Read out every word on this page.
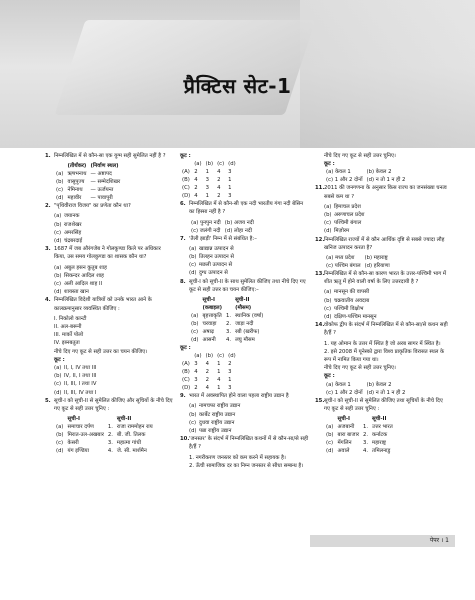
प्रैक्टिस सेट-1
1. निम्नलिखित में से कौन-सा एक युग्म सही सुमेलित नहीं है ?
	(तीर्थंकर)	(निर्वाण स्थल)
(a)	ऋषभनाथ	— अष्टापद
(b)	वासुपूज्य	— सम्मेदशिखर
(c)	नेमिनाथ	— ऊर्जयन्त
(d)	महावीर	— पावापुरी
2. "पृथिवीराज विजय" का प्रणेता कौन था?
(a) जयानक
(b) राजशेखर
(c) अमरसिंह
(d) चंद्रबरदाई
3. 1687 में जब औरंगजेब ने गोलकुण्डा किले पर अधिकार किया, उस समय गोलकुण्डा का शासक कौन था?
(a) अबुल हसन कुतुब शाह
(b) सिकन्दर आदिल शाह
(c) अली आदिल शाह II
(d) शायस्ता खान
4. निम्नलिखित विदेशी यात्रियों को उनके भारत आने के कालक्रमानुसार व्यवस्थित कीजिए :
I. निकोलो कान्टी
II. अल-बरूनी
III. मार्को पोलो
IV. इब्नबतूता
नीचे दिए गए कूट से सही उत्तर का चयन कीजिए।
कूट :
(a) II, I, IV तथा III
(b) IV, II, I तथा III
(c) II, III, I तथा IV
(d) II, III, IV तथा I
5. सूची-I को सूची-II से सुमेलित कीजिए और सूचियों के नीचे दिए गए कूट से सही उत्तर चुनिए :
	सूची-I		सूची-II
(a)	समाचार दर्पण	1.	राजा राममोहन राय
(b)	मिरात-उल-अखबार	2.	बी. जी. तिलक
(c)	केसरी	3.	महात्मा गांधी
(d)	यंग इण्डिया	4.	जे. सी. मार्शमैन
कूट :
	(a)	(b)	(c)	(d)
(A)	2	1	4	3
(B)	4	3	2	1
(C)	2	3	4	1
(D)	4	1	2	3
6. निम्नलिखित में से कौन-सी एक नदी भारतीय गंगा नदी बेसिन का हिस्सा नहीं है ?
(a) पुनपुन नदी	(b) अजय नदी
(c) जलंगी नदी	(d) लोहा नदी
7. 'तैली झाड़ी' निम्न में से संबंधित है:–
(a) खाद्यान्न उत्पादन से
(b) तिलहन उत्पादन से
(c) मछली उत्पादन से
(d) दुग्ध उत्पादन से
8. सूची-I को सूची-II के साथ सुमेलित कीजिए तथा नीचे दिए गए कूट से सही उत्तर का चयन कीजिए:–
	सूची-I		सूची-II
	(कबाइल)		(मौसम)
(a)	बृहत्ताकृति	1.	स्थानिक (वर्षा)
(b)	चरवाहा	2.	जाड़ा नदी
(c)	अषाढ़	3.	रबी (खरीफ)
(d)	आसनी	4.	लघु मौसम
कूट :
	(a)	(b)	(c)	(d)
(A)	3	4	1	2
(B)	4	2	1	3
(C)	3	2	4	1
(D)	2	4	1	3
9. भारत में अवस्थापित होने वाला पहला राष्ट्रीय उद्यान है
(a) नामचफा राष्ट्रीय उद्यान
(b) कार्बेट राष्ट्रीय उद्यान
(c) दुधवा राष्ट्रीय उद्यान
(d) पन्ना राष्ट्रीय उद्यान
10. 'जनस्तर' के संदर्भ में निम्नलिखित कथनों में से कौन-सा/से सही है/हैं ?
1. नगरीकरण जनस्तर को कम करने में सहायक है।
2. ऊँची सामाजिक दर का निम्न जनस्तर से सीधा सम्बन्ध है।
नीचे दिए गए कूट से सही उत्तर चुनिए।
कूट :
(a) केवल 1	(b) केवल 2
(c) 1 और 2 दोनों	(d) न तो 1 न ही 2
11. 2011 की जनगणना के अनुसार किस राज्य का जनसंख्या घनत्व सबसे कम था ?
(a) हिमाचल प्रदेश
(b) अरुणाचल प्रदेश
(c) पश्चिमी बंगाल
(d) मिज़ोरम
12. निम्नलिखित राज्यों में से कौन आर्थिक दृष्टि से सबसे ज्यादा लौह खनिज उत्पादन करता है?
(a) मध्य प्रदेश	(b) महाराष्ट्र
(c) पश्चिम बंगाल	(d) हरियाणा
13. निम्नलिखित में से कौन-सा कारण भारत के उत्तर-पश्चिमी भाग में शीत ऋतु में होने वाली वर्षा के लिए उत्तरदायी है ?
(a) मानसून की वापसी
(b) चक्रवातीय अवदाब
(c) पश्चिमी विक्षोभ
(d) दक्षिण-पश्चिम मानसून
14. वोकोफ द्वीप के संदर्भ में निम्नलिखित में से कौन-सा/से कथन सही है/हैं ?
1. यह ओमान के उत्तर में स्थित है जो अरब सागर में स्थित है।
2. इसे 2008 में यूनेस्को द्वारा विश्व प्राकृतिक विरासत स्थल के रूप में नामित किया गया था।
नीचे दिए गए कूट से सही उत्तर चुनिए।
कूट :
(a) केवल 1	(b) केवल 2
(c) 1 और 2 दोनों	(d) न तो 1 न ही 2
15. सूची-I को सूची-II से सुमेलित कीजिए तथा सूचियों के नीचे दिए गए कूट से सही उत्तर चुनिए :
	सूची-I		सूची-II
(a)	अजबानी	1.	उत्तर भारत
(b)	बारा बाजार	2.	कर्नाटक
(c)	मेंगलिन	3.	महाराष्ट्र
(d)	अवाले	4.	तमिलनाडु
पेपर । 1
